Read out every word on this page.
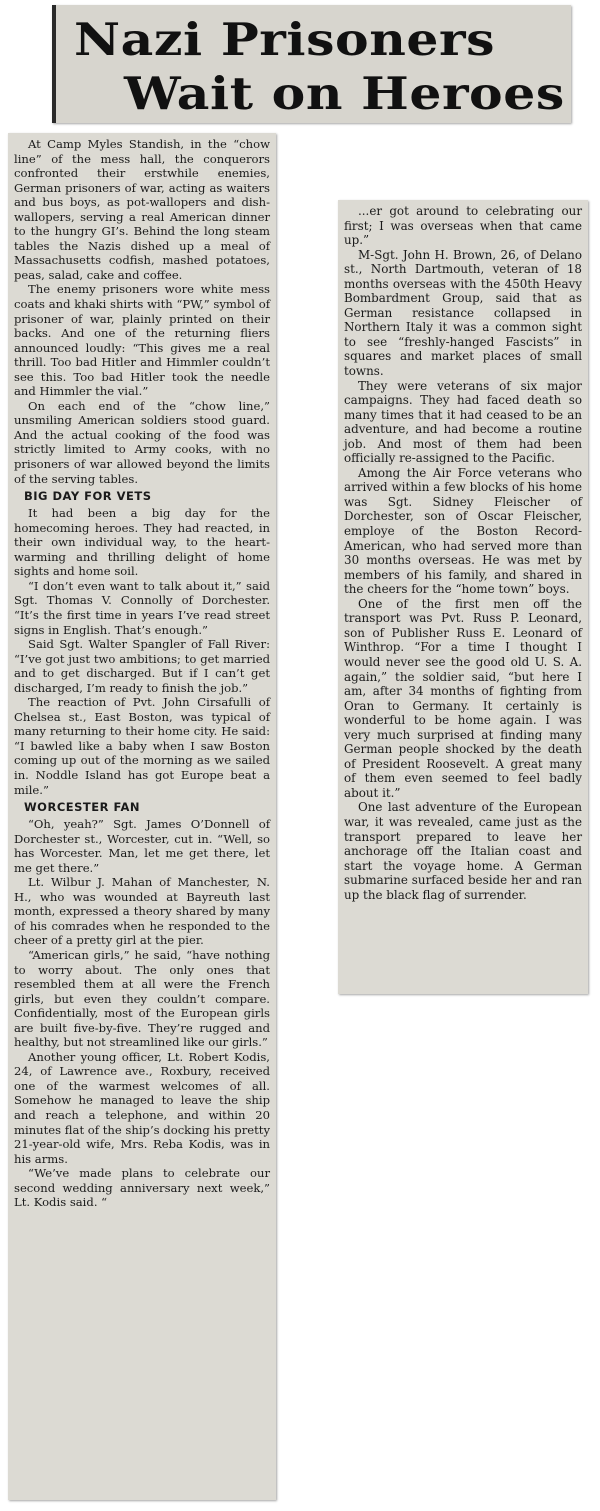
Nazi Prisoners
Wait on Heroes

At Camp Myles Standish, in the “chow line” of the mess hall, the conquerors confronted their erstwhile enemies, German prisoners of war, acting as waiters and bus boys, as pot-wallopers and dish-wallopers, serving a real American dinner to the hungry GI’s. Behind the long steam tables the Nazis dished up a meal of Massachusetts codfish, mashed potatoes, peas, salad, cake and coffee.

The enemy prisoners wore white mess coats and khaki shirts with “PW,” symbol of prisoner of war, plainly printed on their backs. And one of the returning fliers announced loudly: “This gives me a real thrill. Too bad Hitler and Himmler couldn’t see this. Too bad Hitler took the needle and Himmler the vial.”

On each end of the “chow line,” unsmiling American soldiers stood guard. And the actual cooking of the food was strictly limited to Army cooks, with no prisoners of war allowed beyond the limits of the serving tables.

BIG DAY FOR VETS

It had been a big day for the homecoming heroes. They had reacted, in their own individual way, to the heart-warming and thrilling delight of home sights and home soil.

“I don’t even want to talk about it,” said Sgt. Thomas V. Connolly of Dorchester. “It’s the first time in years I’ve read street signs in English. That’s enough.”

Said Sgt. Walter Spangler of Fall River: “I’ve got just two ambitions; to get married and to get discharged. But if I can’t get discharged, I’m ready to finish the job.”

The reaction of Pvt. John Cirsafulli of Chelsea st., East Boston, was typical of many returning to their home city. He said: “I bawled like a baby when I saw Boston coming up out of the morning as we sailed in. Noddle Island has got Europe beat a mile.”

WORCESTER FAN

“Oh, yeah?” Sgt. James O’Donnell of Dorchester st., Worcester, cut in. “Well, so has Worcester. Man, let me get there, let me get there.”

Lt. Wilbur J. Mahan of Manchester, N. H., who was wounded at Bayreuth last month, expressed a theory shared by many of his comrades when he responded to the cheer of a pretty girl at the pier.

“American girls,” he said, “have nothing to worry about. The only ones that resembled them at all were the French girls, but even they couldn’t compare. Confidentially, most of the European girls are built five-by-five. They’re rugged and healthy, but not streamlined like our girls.”

Another young officer, Lt. Robert Kodis, 24, of Lawrence ave., Roxbury, received one of the warmest welcomes of all. Somehow he managed to leave the ship and reach a telephone, and within 20 minutes flat of the ship’s docking his pretty 21-year-old wife, Mrs. Reba Kodis, was in his arms.

“We’ve made plans to celebrate our second wedding anniversary next week,” Lt. Kodis said. “

...er got around to celebrating our first; I was overseas when that came up.”

M-Sgt. John H. Brown, 26, of Delano st., North Dartmouth, veteran of 18 months overseas with the 450th Heavy Bombardment Group, said that as German resistance collapsed in Northern Italy it was a common sight to see “freshly-hanged Fascists” in squares and market places of small towns.

They were veterans of six major campaigns. They had faced death so many times that it had ceased to be an adventure, and had become a routine job. And most of them had been officially re-assigned to the Pacific.

Among the Air Force veterans who arrived within a few blocks of his home was Sgt. Sidney Fleischer of Dorchester, son of Oscar Fleischer, employe of the Boston Record-American, who had served more than 30 months overseas. He was met by members of his family, and shared in the cheers for the “home town” boys.

One of the first men off the transport was Pvt. Russ P. Leonard, son of Publisher Russ E. Leonard of Winthrop. “For a time I thought I would never see the good old U. S. A. again,” the soldier said, “but here I am, after 34 months of fighting from Oran to Germany. It certainly is wonderful to be home again. I was very much surprised at finding many German people shocked by the death of President Roosevelt. A great many of them even seemed to feel badly about it.”

One last adventure of the European war, it was revealed, came just as the transport prepared to leave her anchorage off the Italian coast and start the voyage home. A German submarine surfaced beside her and ran up the black flag of surrender.
